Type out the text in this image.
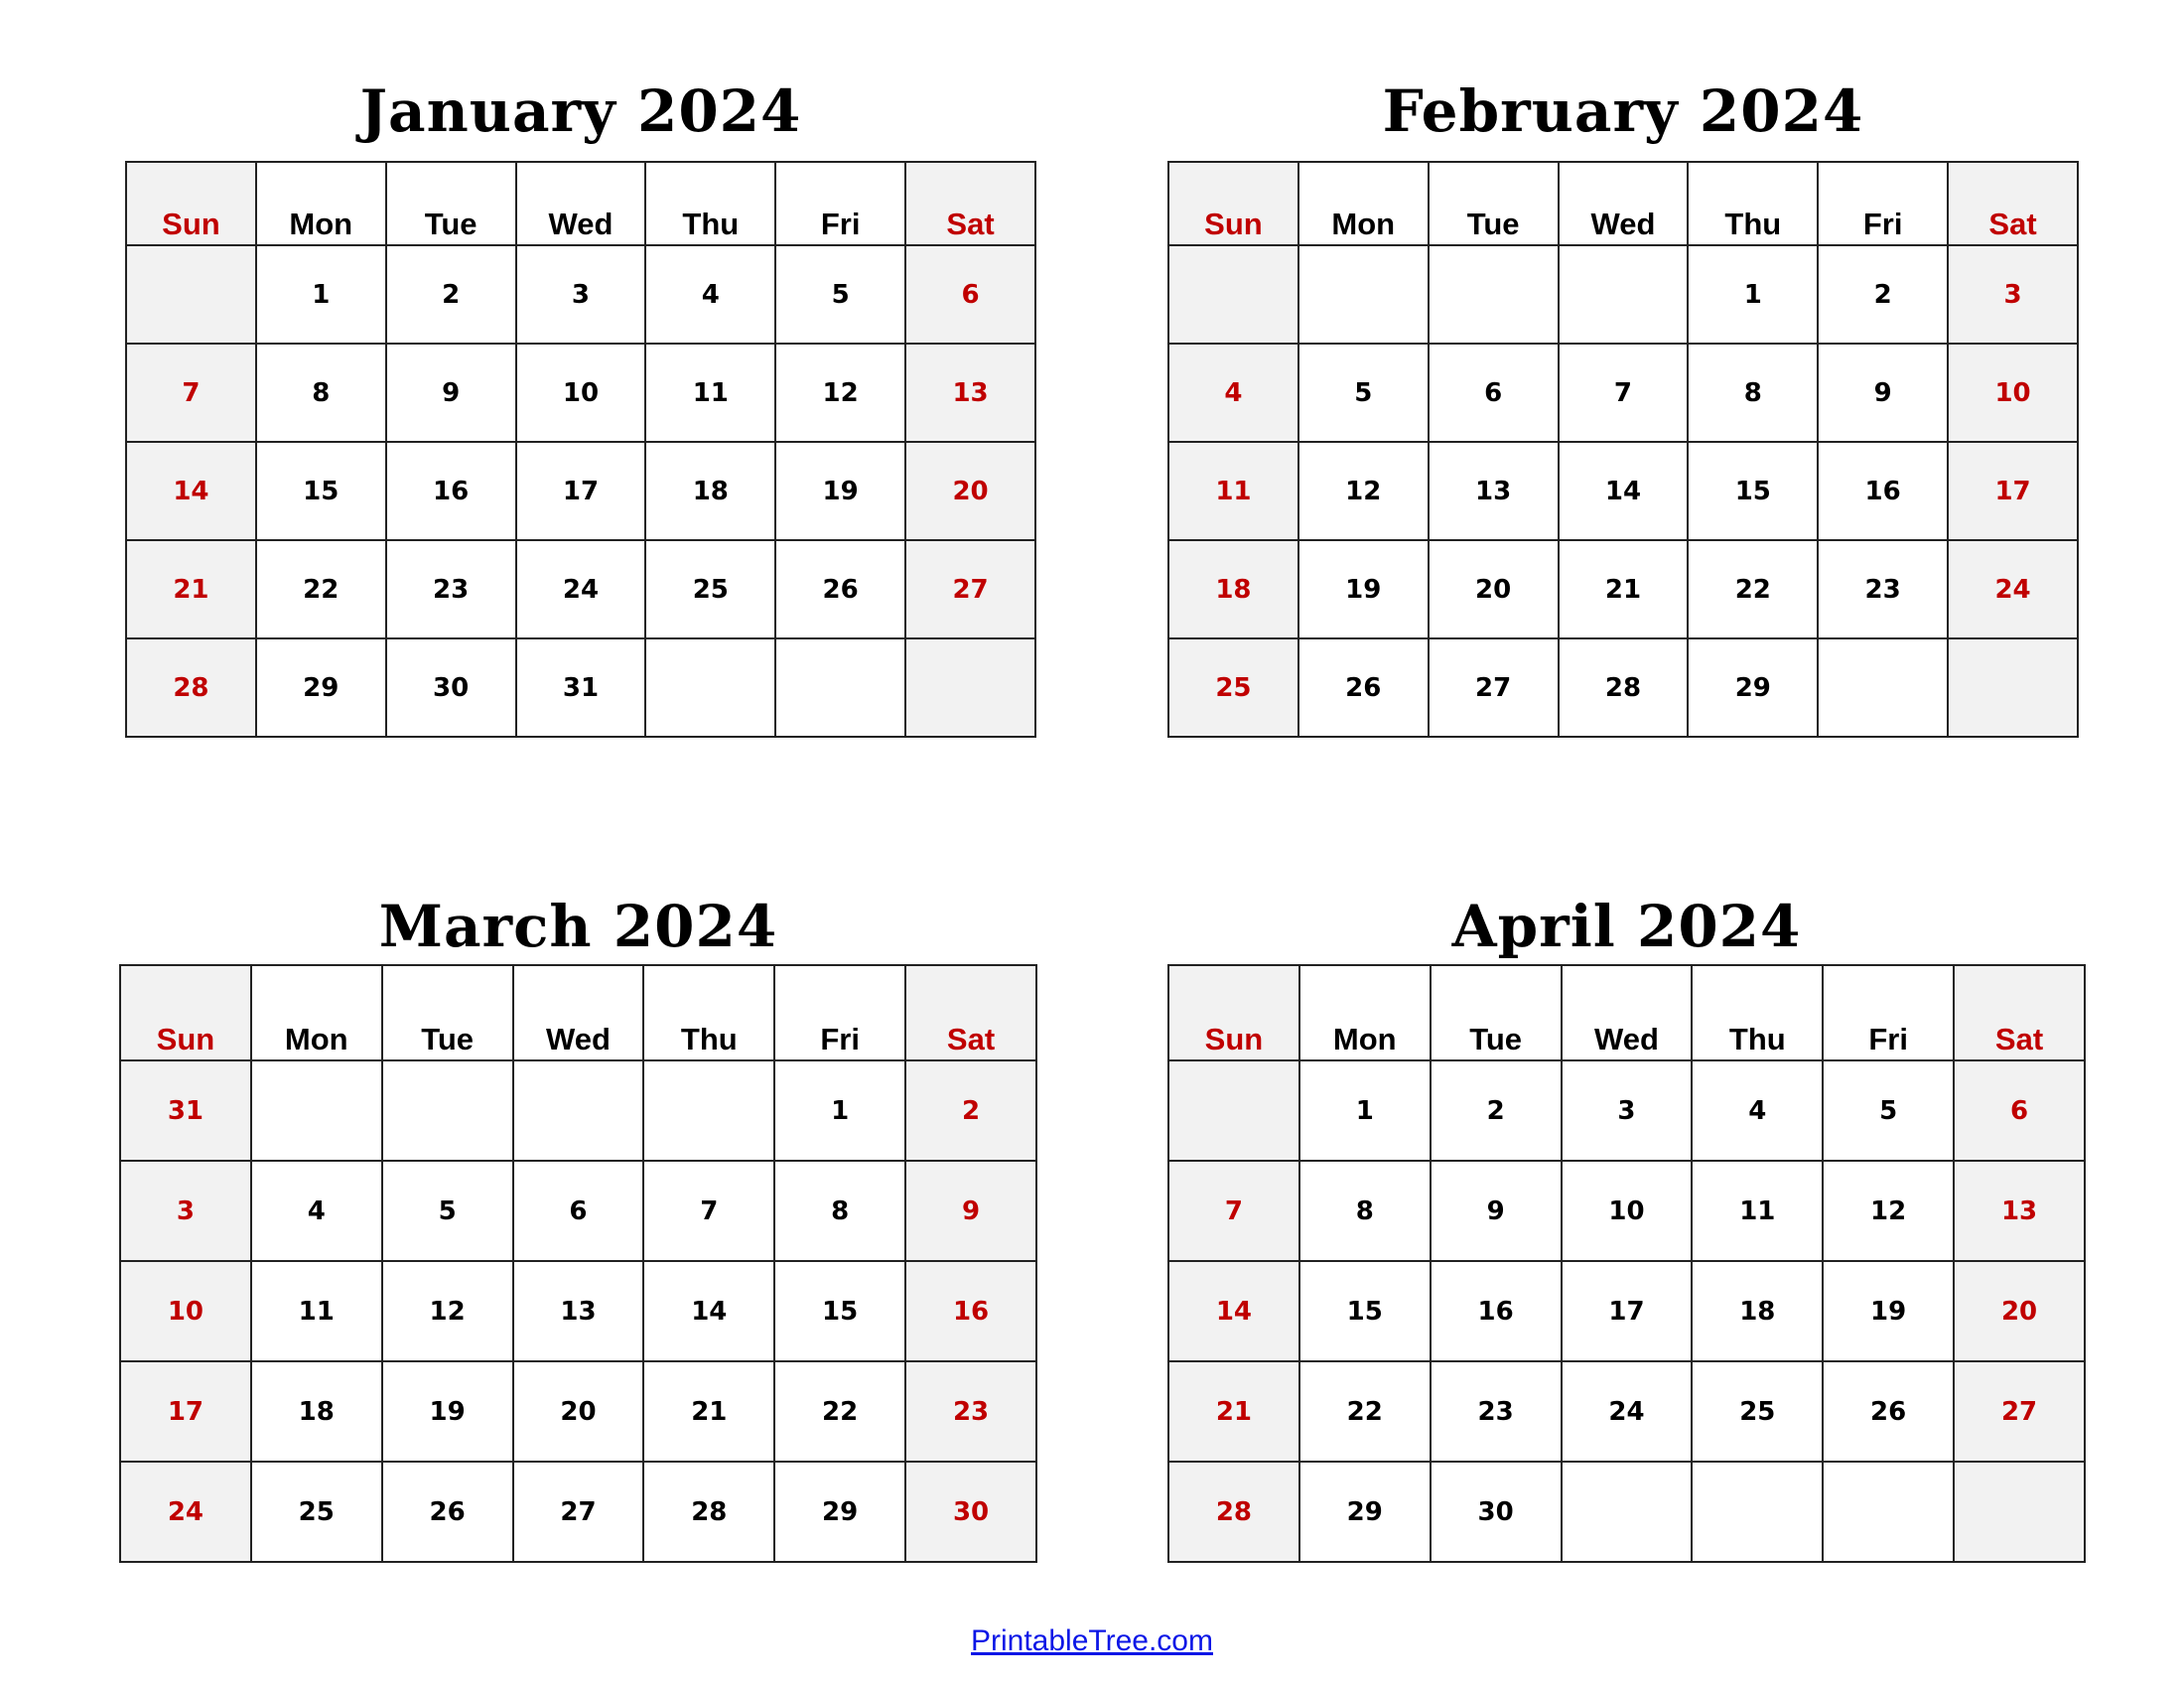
January 2024
Sun	Mon	Tue	Wed	Thu	Fri	Sat
	1	2	3	4	5	6
7	8	9	10	11	12	13
14	15	16	17	18	19	20
21	22	23	24	25	26	27
28	29	30	31			
February 2024
Sun	Mon	Tue	Wed	Thu	Fri	Sat
				1	2	3
4	5	6	7	8	9	10
11	12	13	14	15	16	17
18	19	20	21	22	23	24
25	26	27	28	29		
March 2024
Sun	Mon	Tue	Wed	Thu	Fri	Sat
31					1	2
3	4	5	6	7	8	9
10	11	12	13	14	15	16
17	18	19	20	21	22	23
24	25	26	27	28	29	30
April 2024
Sun	Mon	Tue	Wed	Thu	Fri	Sat
	1	2	3	4	5	6
7	8	9	10	11	12	13
14	15	16	17	18	19	20
21	22	23	24	25	26	27
28	29	30				
PrintableTree.com
